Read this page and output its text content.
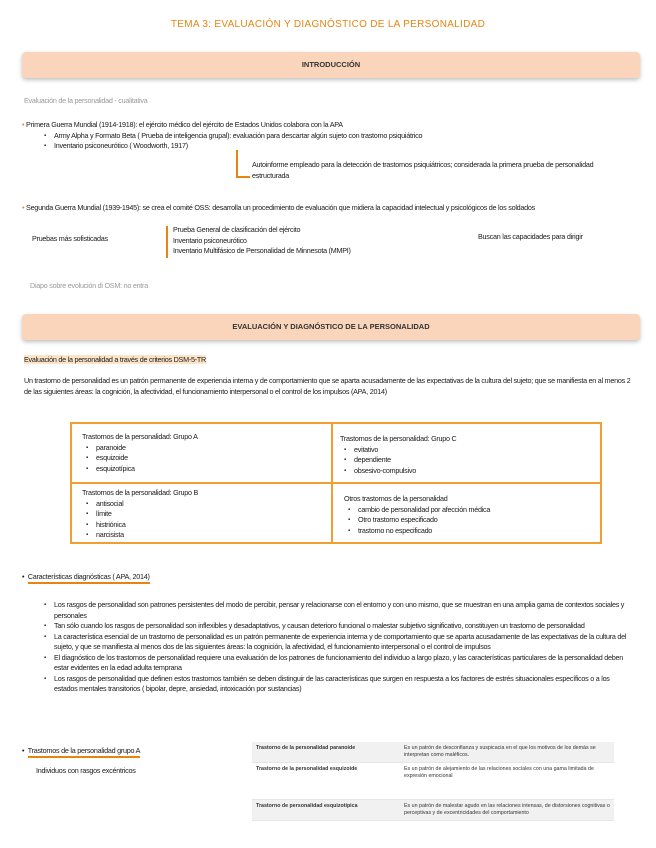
TEMA 3: EVALUACIÓN Y DIAGNÓSTICO DE LA PERSONALIDAD
INTRODUCCIÓN
Evaluación de la personalidad - cualitativa
• Primera Guerra Mundial (1914-1918): el ejército médico del ejército de Estados Unidos colabora con la APA
▪ Army Alpha y Formato Beta ( Prueba de inteligencia grupal): evaluación para descartar algún sujeto con trastorno psiquiátrico
▪ Inventario psiconeurótico ( Woodworth, 1917)
Autoinforme empleado para la detección de trastornos psiquiátricos; considerada la primera prueba de personalidad estructurada
• Segunda Guerra Mundial (1939-1945): se crea el comité OSS: desarrolla un procedimiento de evaluación que midiera la capacidad intelectual y psicológicos de los soldados
Pruebas más sofisticadas
Prueba General de clasificación del ejército
Inventario psiconeurótico
Inventario Multifásico de Personalidad de Minnesota (MMPI)
Buscan las capacidades para dirigir
Diapo sobre evolución di OSM: no entra
EVALUACIÓN Y DIAGNÓSTICO DE LA PERSONALIDAD
Evaluación de la personalidad a través de criterios DSM-5-TR
Un trastorno de personalidad es un patrón permanente de experiencia interna y de comportamiento que se aparta acusadamente de las expectativas de la cultura del sujeto; que se manifiesta en al menos 2 de las siguientes áreas: la cognición, la afectividad, el funcionamiento interpersonal o el control de los impulsos (APA, 2014)
Trastornos de la personalidad: Grupo A
▪ paranoide
▪ esquizoide
▪ esquizotípica
Trastornos de la personalidad: Grupo C
▪ evitativo
▪ dependiente
▪ obsesivo-compulsivo
Trastornos de la personalidad: Grupo B
▪ antisocial
▪ límite
▪ histriónica
▪ narcisista
Otros trastornos de la personalidad
▪ cambio de personalidad por afección médica
▪ Otro trastorno especificado
▪ trastorno no especificado
• Características diagnósticas ( APA, 2014)
▪ Los rasgos de personalidad son patrones persistentes del modo de percibir, pensar y relacionarse con el entorno y con uno mismo, que se muestran en una amplia gama de contextos sociales y personales
▪ Tan sólo cuando los rasgos de personalidad son inflexibles y desadaptativos, y causan deterioro funcional o malestar subjetivo significativo, constituyen un trastorno de personalidad
▪ La característica esencial de un trastorno de personalidad es un patrón permanente de experiencia interna y de comportamiento que se aparta acusadamente de las expectativas de la cultura del sujeto, y que se manifiesta al menos dos de las siguientes áreas: la cognición, la afectividad, el funcionamiento interpersonal o el control de impulsos
▪ El diagnóstico de los trastornos de personalidad requiere una evaluación de los patrones de funcionamiento del individuo a largo plazo, y las características particulares de la personalidad deben estar evidentes en la edad adulta temprana
▪ Los rasgos de personalidad que definen estos trastornos también se deben distinguir de las características que surgen en respuesta a los factores de estrés situacionales específicos o a los estados mentales transitorios ( bipolar, depre, ansiedad, intoxicación por sustancias)
• Trastornos de la personalidad grupo A
Individuos con rasgos excéntricos
Trastorno de la personalidad paranoide	Es un patrón de desconfianza y suspicacia en el que los motivos de los demás se interpretan como maléficos.
Trastorno de la personalidad esquizoide	Es un patrón de alejamiento de las relaciones sociales con una gama limitada de expresión emocional
Trastorno de personalidad esquizotípica	Es un patrón de malestar agudo en las relaciones intensas, de distorsiones cognitivas o perceptivas y de excentricidades del comportamiento
